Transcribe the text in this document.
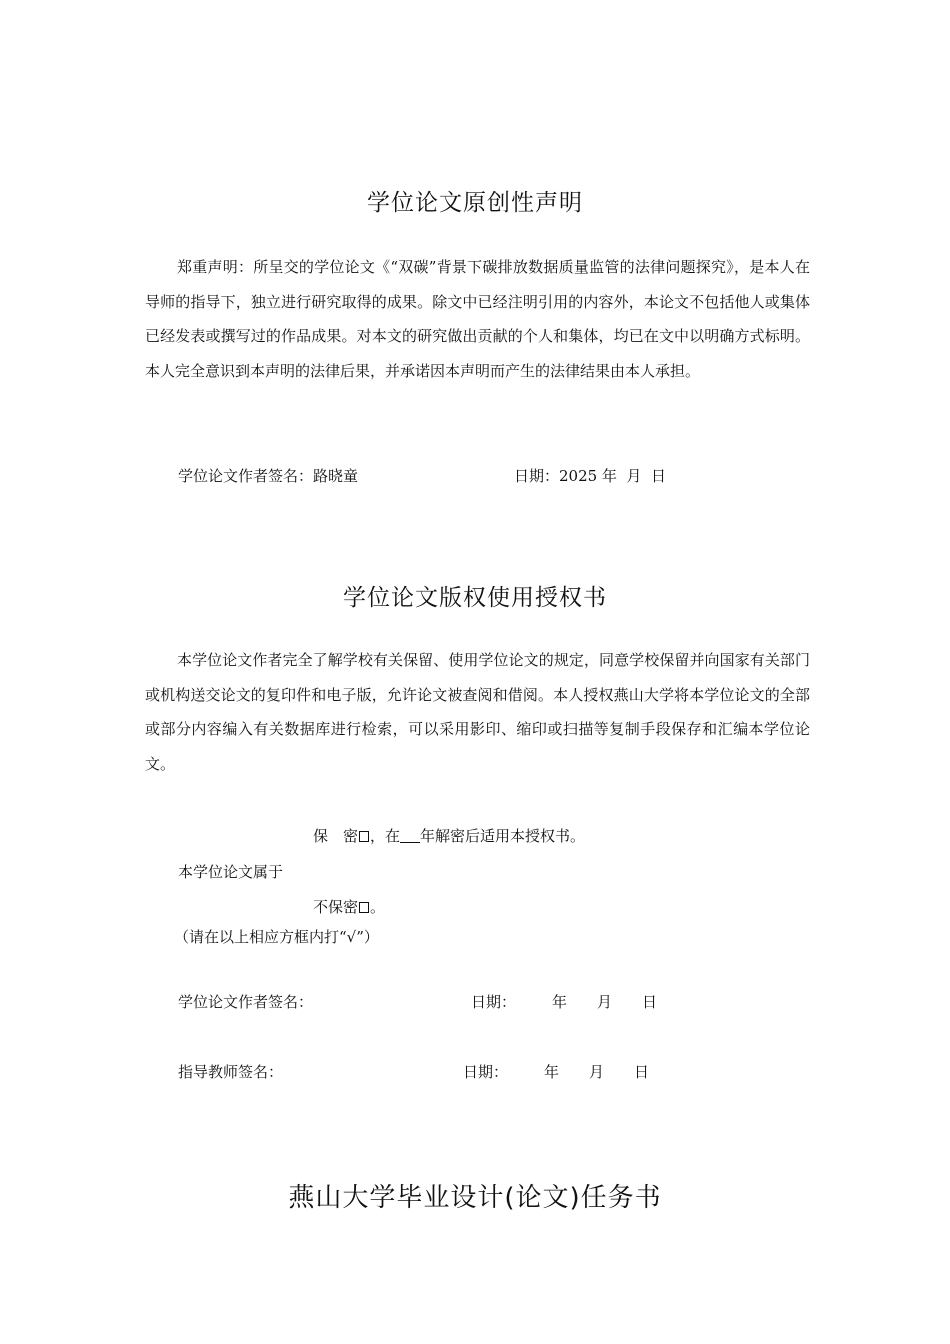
学位论文原创性声明
郑重声明：所呈交的学位论文《“双碳”背景下碳排放数据质量监管的法律问题探究》，是本人在导师的指导下，独立进行研究取得的成果。除文中已经注明引用的内容外，本论文不包括他人或集体已经发表或撰写过的作品成果。对本文的研究做出贡献的个人和集体，均已在文中以明确方式标明。本人完全意识到本声明的法律后果，并承诺因本声明而产生的法律结果由本人承担。
学位论文作者签名：路晓童	日期：2025 年  月  日
学位论文版权使用授权书
本学位论文作者完全了解学校有关保留、使用学位论文的规定，同意学校保留并向国家有关部门或机构送交论文的复印件和电子版，允许论文被查阅和借阅。本人授权燕山大学将本学位论文的全部或部分内容编入有关数据库进行检索，可以采用影印、缩印或扫描等复制手段保存和汇编本学位论文。
保　密 ，在 年解密后适用本授权书。
本学位论文属于
不保密 。
（请在以上相应方框内打“√”）
学位论文作者签名：	日期： 年　　月　　日
指导教师签名：	日期： 年　　月　　日
燕山大学毕业设计(论文)任务书
